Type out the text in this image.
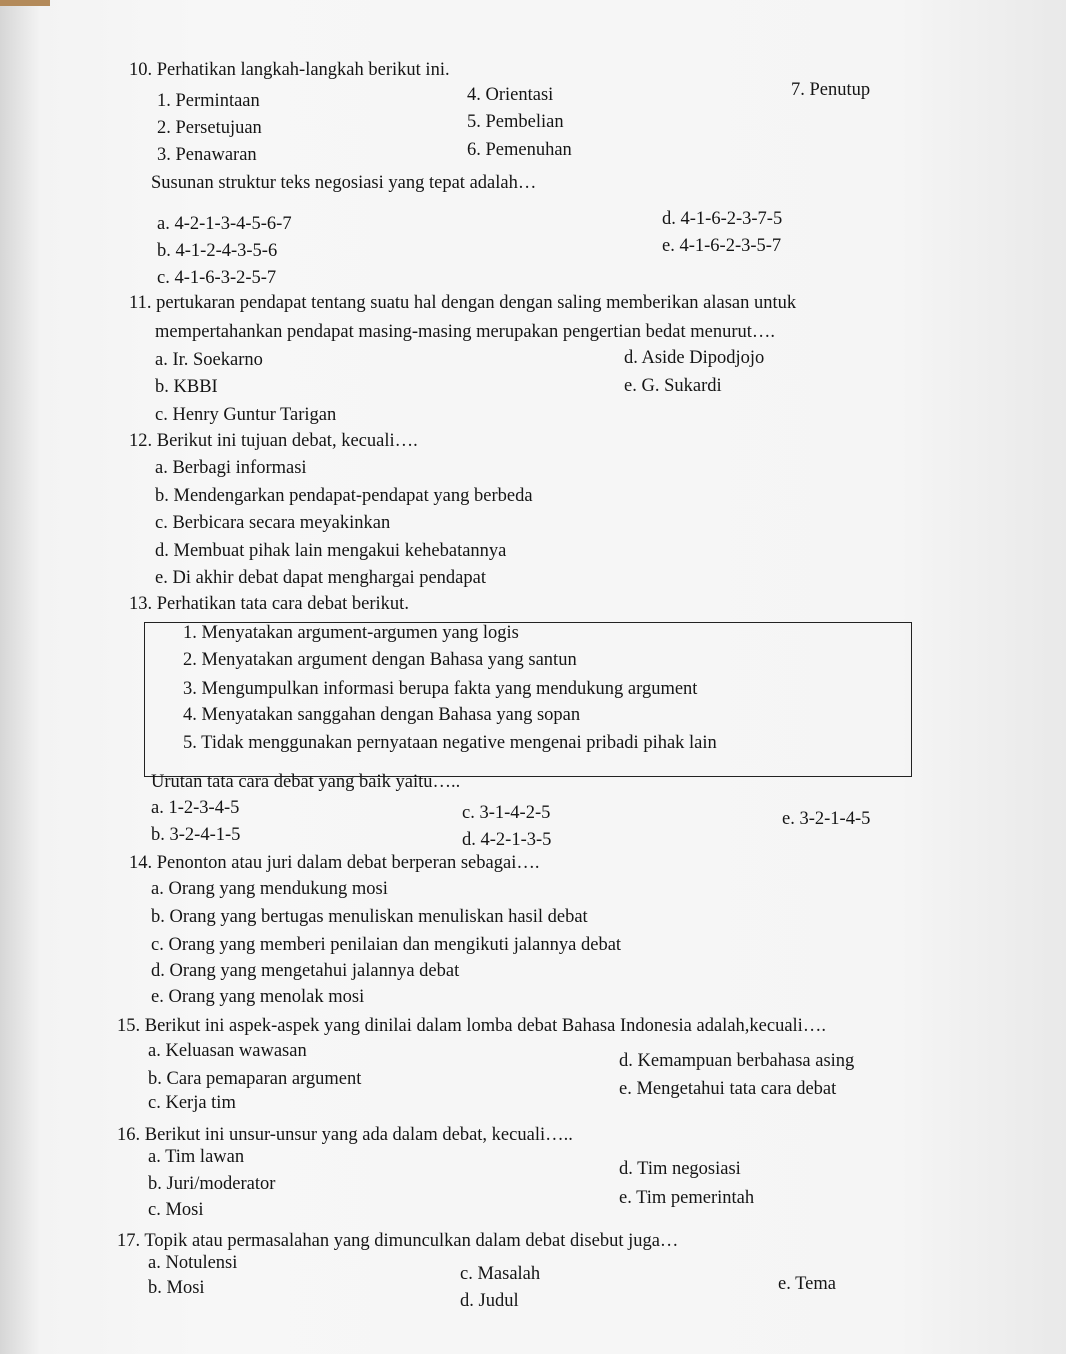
10. Perhatikan langkah-langkah berikut ini.
1. Permintaan
2. Persetujuan
3. Penawaran
4. Orientasi
5. Pembelian
6. Pemenuhan
7. Penutup
Susunan struktur teks negosiasi yang tepat adalah…
a. 4-2-1-3-4-5-6-7
b. 4-1-2-4-3-5-6
c. 4-1-6-3-2-5-7
d. 4-1-6-2-3-7-5
e. 4-1-6-2-3-5-7
11. pertukaran pendapat tentang suatu hal dengan dengan saling memberikan alasan untuk
mempertahankan pendapat masing-masing merupakan pengertian bedat menurut….
a. Ir. Soekarno
b. KBBI
c. Henry Guntur Tarigan
d. Aside Dipodjojo
e. G. Sukardi
12. Berikut ini tujuan debat, kecuali….
a. Berbagi informasi
b. Mendengarkan pendapat-pendapat yang berbeda
c. Berbicara secara meyakinkan
d. Membuat pihak lain mengakui kehebatannya
e. Di akhir debat dapat menghargai pendapat
13. Perhatikan tata cara debat berikut.
1. Menyatakan argument-argumen yang logis
2. Menyatakan argument dengan Bahasa yang santun
3. Mengumpulkan informasi berupa fakta yang mendukung argument
4. Menyatakan sanggahan dengan Bahasa yang sopan
5. Tidak menggunakan pernyataan negative mengenai pribadi pihak lain
Urutan tata cara debat yang baik yaitu…..
a. 1-2-3-4-5
b. 3-2-4-1-5
c. 3-1-4-2-5
d. 4-2-1-3-5
e. 3-2-1-4-5
14. Penonton atau juri dalam debat berperan sebagai….
a. Orang yang mendukung mosi
b. Orang yang bertugas menuliskan menuliskan hasil debat
c. Orang yang memberi penilaian dan mengikuti jalannya debat
d. Orang yang mengetahui jalannya debat
e. Orang yang menolak mosi
15. Berikut ini aspek-aspek yang dinilai dalam lomba debat Bahasa Indonesia adalah,kecuali….
a. Keluasan wawasan
b. Cara pemaparan argument
c. Kerja tim
d. Kemampuan berbahasa asing
e. Mengetahui tata cara debat
16. Berikut ini unsur-unsur yang ada dalam debat, kecuali…..
a. Tim lawan
b. Juri/moderator
c. Mosi
d. Tim negosiasi
e. Tim pemerintah
17. Topik atau permasalahan yang dimunculkan dalam debat disebut juga…
a. Notulensi
b. Mosi
c. Masalah
d. Judul
e. Tema
